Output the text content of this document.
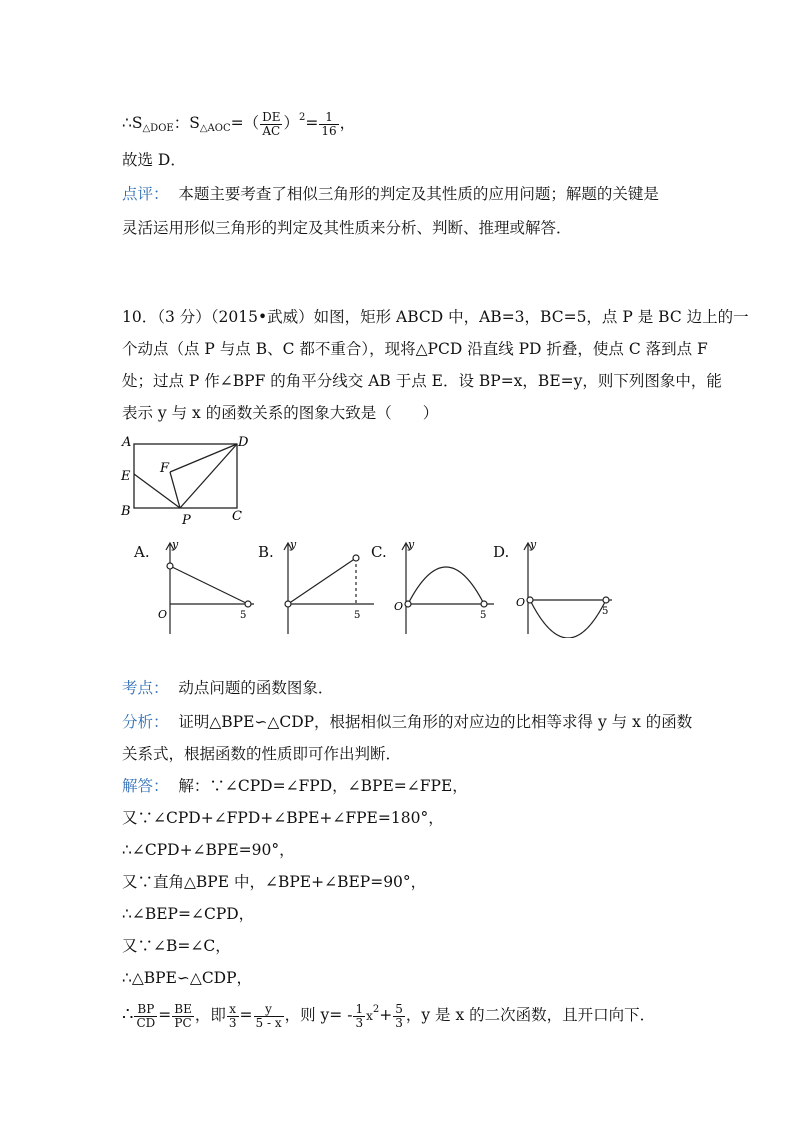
$\therefore S_{\triangle DOE}$：$S_{\triangle AOC}=( \frac{DE}{AC} )^2= \frac{1}{16}$ ，
故选 D．
点评： 本题主要考查了相似三角形的判定及其性质的应用问题；解题的关键是
灵活运用形似三角形的判定及其性质来分析、判断、推理或解答．
10．（3 分）（2015•武威）如图，矩形 ABCD 中，AB=3，BC=5，点 P 是 BC 边上的一
个动点（点 P 与点 B、C 都不重合），现将△PCD 沿直线 PD 折叠，使点 C 落到点 F
处；过点 P 作∠BPF 的角平分线交 AB 于点 E．设 BP=x，BE=y，则下列图象中，能
表示 y 与 x 的函数关系的图象大致是（　　）
A	D
E
F
B
P	C
A.	B.	C.	D.
y
O	5
y
5
y
O
5
y
O
5
考点： 动点问题的函数图象．
分析： 证明△BPE∽△CDP，根据相似三角形的对应边的比相等求得 y 与 x 的函数
关系式，根据函数的性质即可作出判断．
解答： 解：∵∠CPD=∠FPD，∠BPE=∠FPE，
又∵∠CPD+∠FPD+∠BPE+∠FPE=180°，
∴∠CPD+∠BPE=90°，
又∵直角△BPE 中，∠BPE+∠BEP=90°，
∴∠BEP=∠CPD，
又∵∠B=∠C，
∴△BPE∽△CDP，
∴ $\frac{BP}{CD} = \frac{BE}{PC}$ ，即 $\frac{x}{3} = \frac{y}{5 - x}$ ，则 $y= - \frac{1}{3} x^2+ \frac{5}{3}$ ，y 是 x 的二次函数，且开口向下．
